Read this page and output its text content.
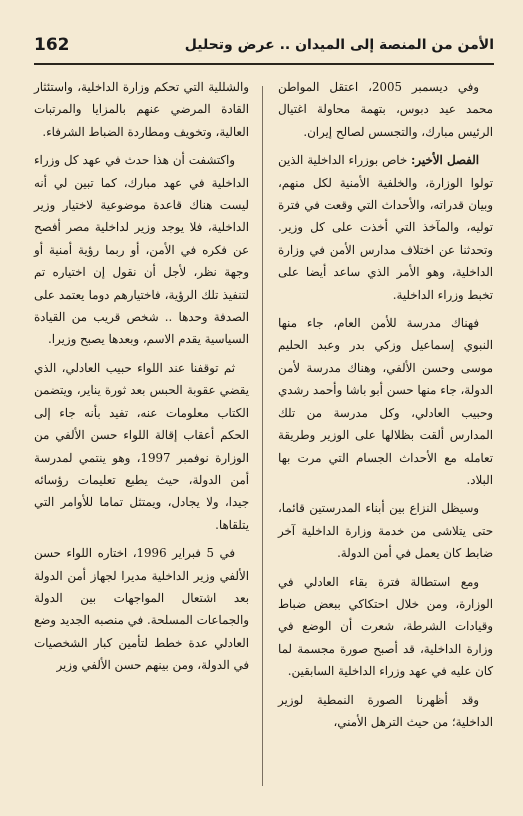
162	الأمن من المنصة إلى الميدان .. عرض وتحليل

وفي ديسمبر 2005، اعتقل المواطن محمد عيد دبوس، بتهمة محاولة اغتيال الرئيس مبارك، والتجسس لصالح إيران.

الفصل الأخير: خاص بوزراء الداخلية الذين تولوا الوزارة، والخلفية الأمنية لكل منهم، وبيان قدراته، والأحداث التي وقعت في فترة توليه، والمآخذ التي أخذت على كل وزير. وتحدثنا عن اختلاف مدارس الأمن في وزارة الداخلية، وهو الأمر الذي ساعد أيضا على تخبط وزراء الداخلية.

فهناك مدرسة للأمن العام، جاء منها النبوي إسماعيل وزكي بدر وعبد الحليم موسى وحسن الألفي، وهناك مدرسة لأمن الدولة، جاء منها حسن أبو باشا وأحمد رشدي وحبيب العادلي، وكل مدرسة من تلك المدارس ألقت بظلالها على الوزير وطريقة تعامله مع الأحداث الجسام التي مرت بها البلاد.

وسيظل النزاع بين أبناء المدرستين قائما، حتى يتلاشى من خدمة وزارة الداخلية آخر ضابط كان يعمل في أمن الدولة.

ومع استطالة فترة بقاء العادلي في الوزارة، ومن خلال احتكاكي ببعض ضباط وقيادات الشرطة، شعرت أن الوضع في وزارة الداخلية، قد أصبح صورة مجسمة لما كان عليه في عهد وزراء الداخلية السابقين.

وقد أظهرنا الصورة النمطية لوزير الداخلية؛ من حيث الترهل الأمني،

والشللية التي تحكم وزارة الداخلية، واستئثار القادة المرضي عنهم بالمزايا والمرتبات العالية، وتخويف ومطاردة الضباط الشرفاء.

واكتشفت أن هذا حدث في عهد كل وزراء الداخلية في عهد مبارك، كما تبين لي أنه ليست هناك قاعدة موضوعية لاختيار وزير الداخلية، فلا يوجد وزير لداخلية مصر أفصح عن فكره في الأمن، أو ربما رؤية أمنية أو وجهة نظر، لأجل أن نقول إن اختياره تم لتنفيذ تلك الرؤية، فاختيارهم دوما يعتمد على الصدفة وحدها .. شخص قريب من القيادة السياسية يقدم الاسم، وبعدها يصبح وزيرا.

ثم توقفنا عند اللواء حبيب العادلي، الذي يقضي عقوبة الحبس بعد ثورة يناير، ويتضمن الكتاب معلومات عنه، تفيد بأنه جاء إلى الحكم أعقاب إقالة اللواء حسن الألفي من الوزارة نوفمبر 1997، وهو ينتمي لمدرسة أمن الدولة، حيث يطبع تعليمات رؤسائه جيدا، ولا يجادل، ويمتثل تماما للأوامر التي يتلقاها.

في 5 فبراير 1996، اختاره اللواء حسن الألفي وزير الداخلية مديرا لجهاز أمن الدولة بعد اشتعال المواجهات بين الدولة والجماعات المسلحة. في منصبه الجديد وضع العادلي عدة خطط لتأمين كبار الشخصيات في الدولة، ومن بينهم حسن الألفي وزير
